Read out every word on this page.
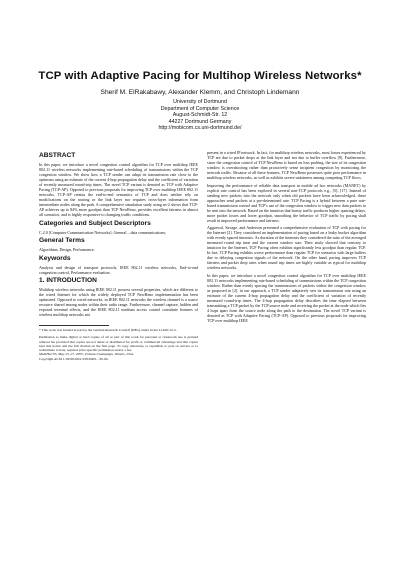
TCP with Adaptive Pacing for Multihop Wireless Networks*
Sherif M. ElRakabawy, Alexander Klemm, and Christoph Lindemann
University of Dortmund
Department of Computer Science
August-Schmidt-Str. 12
44227 Dortmund Germany
http://mobicom.cs.uni-dortmund.de/
ABSTRACT

In this paper, we introduce a novel congestion control algorithm for TCP over multihop IEEE 802.11 wireless networks implementing rate-based scheduling of transmissions within the TCP congestion window. We show how a TCP sender can adapt its transmission rate close to the optimum using an estimate of the current 4-hop propagation delay and the coefficient of variation of recently measured round-trip times. The novel TCP variant is denoted as TCP with Adaptive Pacing (TCP-AP). Opposed to previous proposals for improving TCP over multihop IEEE 802.11 networks, TCP-AP retains the end-to-end semantics of TCP and does neither rely on modifications on the routing or the link layer nor requires cross-layer information from intermediate nodes along the path. A comprehensive simulation study using ns-2 shows that TCP-AP achieves up to 84% more goodput than TCP NewReno, provides excellent fairness in almost all scenarios, and is highly responsive to changing traffic conditions.

Categories and Subject Descriptors

C.2.0 [Computer Communication Networks]: General – data communications;

General Terms

Algorithms, Design, Performance.

Keywords

Analysis and design of transport protocols, IEEE 802.11 wireless networks, End-to-end congestion control, Performance evaluation.

1. INTRODUCTION

Multihop wireless networks using IEEE 802.11 possess several properties, which are different to the wired Internet for which the widely deployed TCP NewReno implementation has been optimized. Opposed to wired networks, in IEEE 802.11 networks the wireless channel is a scarce resource shared among nodes within their radio range. Furthermore, channel capture, hidden and exposed terminal effects, and the IEEE 802.11 medium access control constitute features of wireless multihop networks not

* This work was funded in part by the German Research Council (DFG) under Grant Li-645/12-2.

Permission to make digital or hard copies of all or part of this work for personal or classroom use is granted without fee provided that copies are not made or distributed for profit or commercial advantage and that copies bear this notice and the full citation on the first page. To copy otherwise, or republish, to post on servers or to redistribute to lists, requires prior specific permission and/or a fee.
MobiHoc'05, May 25–27, 2005, Urbana-Champaign, Illinois, USA.
Copyright ACM 1-59593-004-3/05/0005…$5.00.

present in a wired IP network. In fact, for multihop wireless networks, most losses experienced by TCP are due to packet drops at the link layer and not due to buffer overflow [9]. Furthermore, since the congestion control of TCP NewReno is based on loss probing, the size of its congestion window is overshooting rather than proactively sense incipient congestion by monitoring the network traffic. Because of all these features, TCP NewReno possesses quite poor performance in multihop wireless networks, as well as exhibits severe unfairness among competing TCP flows.

Improving the performance of reliable data transport in mobile ad hoc networks (MANET) by explicit rate control has been explored in several non-TCP protocols e.g., [5], [17]. Instead of sending new packets into the network only when old packets have been acknowledged, these approaches send packets at a pre-determined rate. TCP Pacing is a hybrid between a pure rate-based transmission control and TCP's use of the congestion window to trigger new data packets to be sent into the network. Based on the intuition that bursty traffic produces higher queuing delays, more packet losses and lower goodput, smoothing the behavior of TCP traffic by pacing shall result in improved performance and fairness.

Aggarwal, Savage, and Anderson presented a comprehensive evaluation of TCP with pacing for the Internet [2]. They considered an implementation of pacing based on a leaky bucket algorithm with evenly spaced timeouts. As duration of the timeouts they considered the ratio of the averaged measured round trip time and the current window size. Their study showed that contrary to intuition for the Internet, TCP Pacing often exhibits significantly less goodput than regular TCP. In fact, TCP Pacing exhibits worse performance than regular TCP for scenarios with large buffers due to delaying congestion signals of the network. On the other hand, pacing improves TCP fairness and packet drop rates when round trip times are highly variable as typical for multihop wireless networks.

In this paper, we introduce a novel congestion control algorithm for TCP over multihop IEEE 802.11 networks implementing rate-based scheduling of transmissions within the TCP congestion window. Rather than evenly spacing the transmissions of packets within the congestion window as proposed in [2], in our approach, a TCP sender adaptively sets its transmission rate using an estimate of the current 4-hop propagation delay and the coefficient of variation of recently measured round-trip times. The 4-hop propagation delay describes the time elapsed between transmitting a TCP packet by the TCP source node and receiving the packet at the node which lies 4 hops apart from the source node along the path to the destination. The novel TCP variant is denoted as TCP with Adaptive Pacing (TCP-AP). Opposed to previous proposals for improving TCP over multihop IEEE
